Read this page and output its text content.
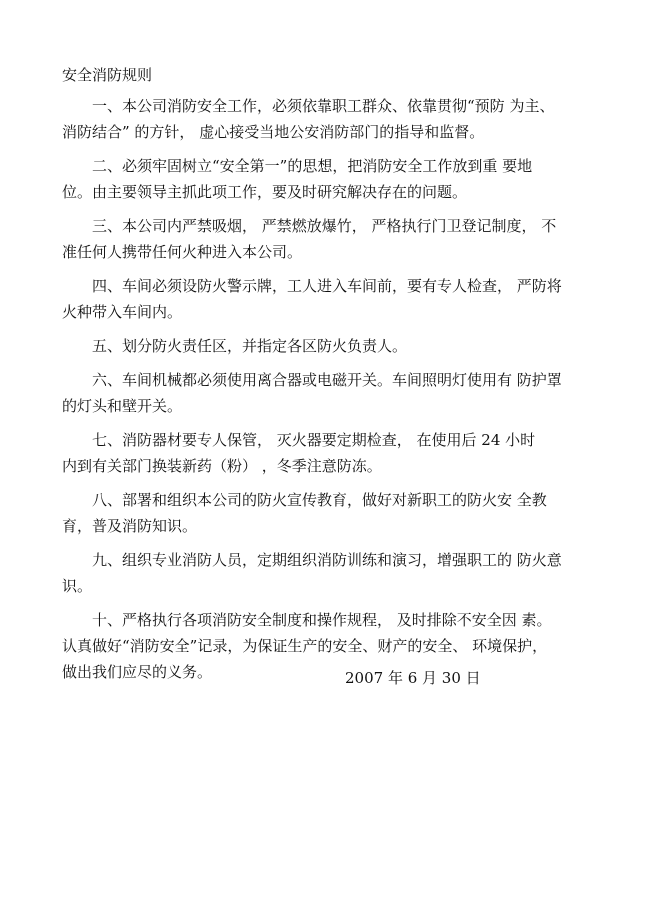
安全消防规则

一、本公司消防安全工作，必须依靠职工群众、依靠贯彻“预防 为主、
消防结合” 的方针， 虚心接受当地公安消防部门的指导和监督。

二、必须牢固树立“安全第一”的思想，把消防安全工作放到重 要地
位。由主要领导主抓此项工作，要及时研究解决存在的问题。

三、本公司内严禁吸烟， 严禁燃放爆竹， 严格执行门卫登记制度， 不
准任何人携带任何火种进入本公司。

四、车间必须设防火警示牌，工人进入车间前，要有专人检查， 严防将
火种带入车间内。

五、划分防火责任区，并指定各区防火负责人。

六、车间机械都必须使用离合器或电磁开关。车间照明灯使用有 防护罩
的灯头和壁开关。

七、消防器材要专人保管， 灭火器要定期检查， 在使用后 24 小时
内到有关部门换装新药（粉） ，冬季注意防冻。

八、部署和组织本公司的防火宣传教育，做好对新职工的防火安 全教
育，普及消防知识。

九、组织专业消防人员，定期组织消防训练和演习，增强职工的 防火意
识。

十、严格执行各项消防安全制度和操作规程， 及时排除不安全因 素。
认真做好“消防安全”记录，为保证生产的安全、财产的安全、 环境保护，
做出我们应尽的义务。	2007 年 6 月 30 日
